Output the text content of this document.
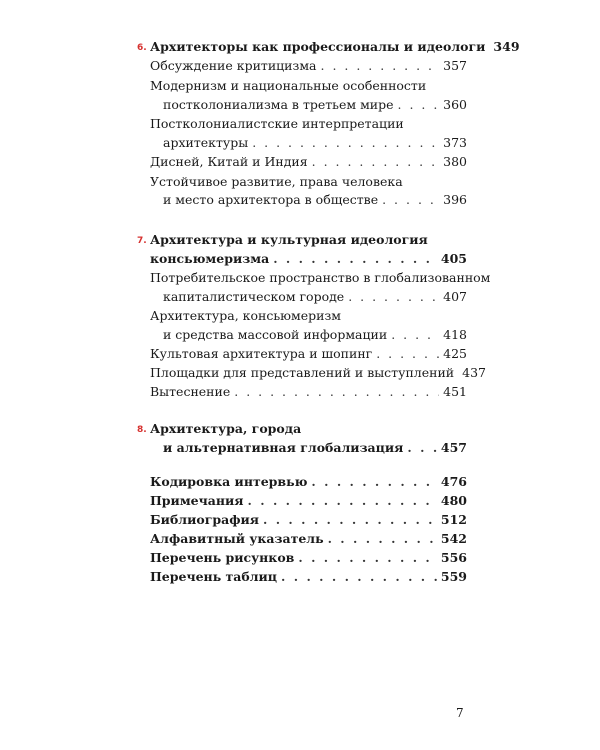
6. Архитекторы как профессионалы и идеологи 349
Обсуждение критицизма . . .	357
Модернизм и национальные особенности
постколониализма в третьем мире . . .	360
Постколониалистские интерпретации
архитектуры . . .	373
Дисней, Китай и Индия . . .	380
Устойчивое развитие, права человека
и место архитектора в обществе . . .	396
7. Архитектура и культурная идеология
консьюмеризма . . .	405
Потребительское пространство в глобализованном
капиталистическом городе . . .	407
Архитектура, консьюмеризм
и средства массовой информации . . .	418
Культовая архитектура и шопинг . . .	425
Площадки для представлений и выступлений 437
Вытеснение . . .	451
8. Архитектура, города
и альтернативная глобализация . . .	457
Кодировка интервью . . .	476
Примечания . . .	480
Библиография . . .	512
Алфавитный указатель . . .	542
Перечень рисунков . . .	556
Перечень таблиц . . .	559
7
